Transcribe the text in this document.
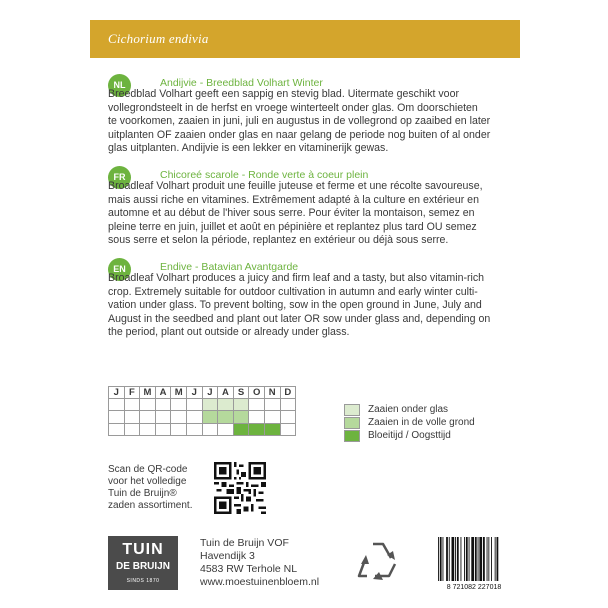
Cichorium endivia
NL	Andijvie - Breedblad Volhart Winter
Breedblad Volhart geeft een sappig en stevig blad. Uitermate geschikt voor
vollegrondsteelt in de herfst en vroege winterteelt onder glas. Om doorschieten
te voorkomen, zaaien in juni, juli en augustus in de vollegrond op zaaibed en later
uitplanten OF zaaien onder glas en naar gelang de periode nog buiten of al onder
glas uitplanten. Andijvie is een lekker en vitaminerijk gewas.
FR	Chicoreé scarole - Ronde verte à coeur plein
Broadleaf Volhart produit une feuille juteuse et ferme et une récolte savoureuse,
mais aussi riche en vitamines. Extrêmement adapté à la culture en extérieur en
automne et au début de l'hiver sous serre. Pour éviter la montaison, semez en
pleine terre en juin, juillet et août en pépinière et replantez plus tard OU semez
sous serre et selon la période, replantez en extérieur ou déjà sous serre.
EN	Endive - Batavian Avantgarde
Broadleaf Volhart produces a juicy and firm leaf and a tasty, but also vitamin-rich
crop. Extremely suitable for outdoor cultivation in autumn and early winter culti-
vation under glass. To prevent bolting, sow in the open ground in June, July and
August in the seedbed and plant out later OR sow under glass and, depending on
the period, plant out outside or already under glass.
J	F	M	A	M	J	J	A	S	O	N	D

Zaaien onder glas
Zaaien in de volle grond
Bloeitijd / Oogsttijd
Scan de QR-code
voor het volledige
Tuin de Bruijn®
zaden assortiment.
TUIN
DE BRUIJN
SINDS 1870
Tuin de Bruijn VOF
Havendijk 3
4583 RW Terhole NL
www.moestuinenbloem.nl	8 721082 227018
